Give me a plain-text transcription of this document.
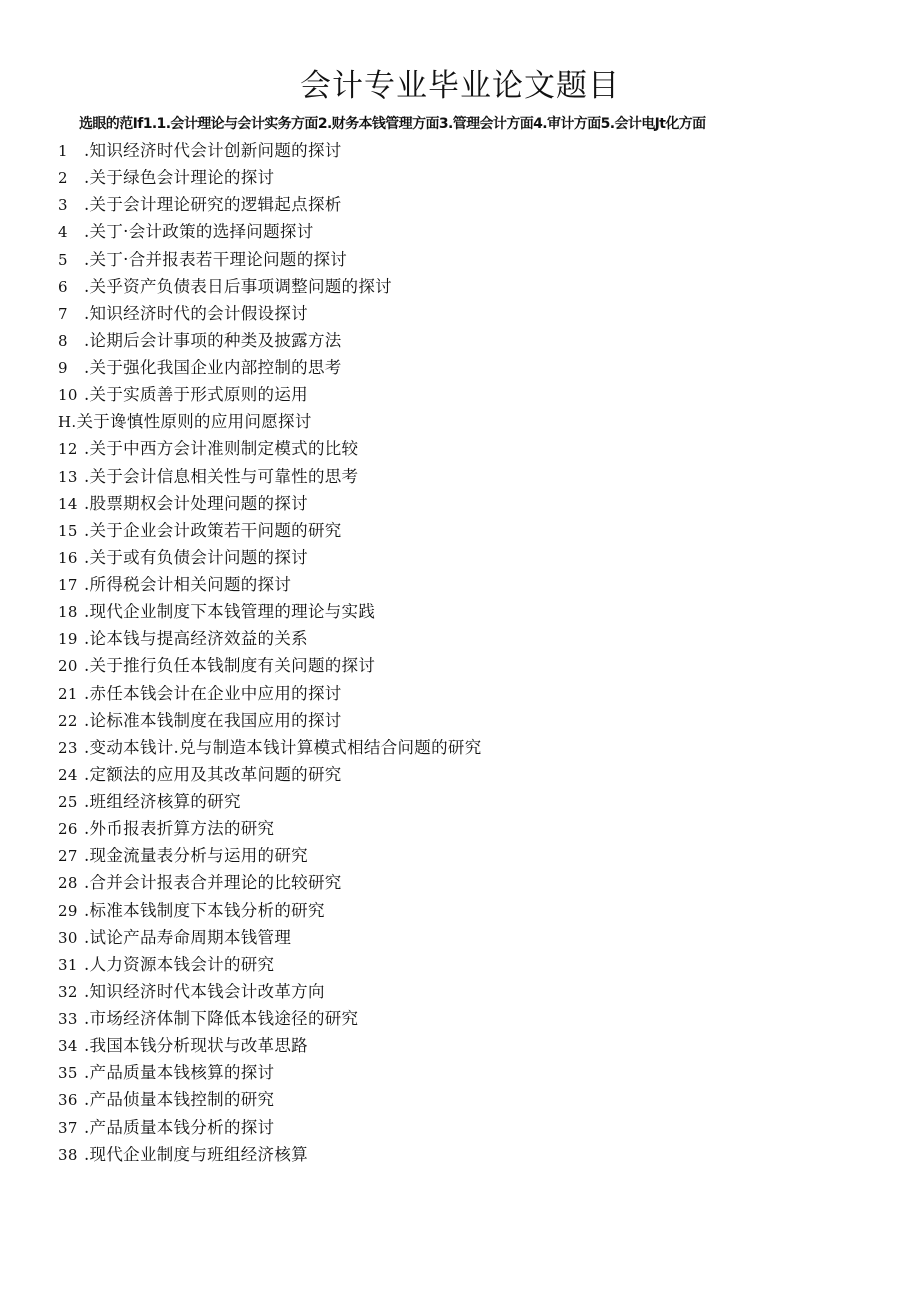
会计专业毕业论文题目
选眼的范If1.1.会计理论与会计实务方面2.财务本钱管理方面3.管理会计方面4.审计方面5.会计电Jt化方面
1 .知识经济时代会计创新问题的探讨
2 .关于绿色会计理论的探讨
3 .关于会计理论研究的逻辑起点探析
4 .关丁·会计政策的选择问题探讨
5 .关丁·合并报表若干理论问题的探讨
6 .关乎资产负债表日后事项调整问题的探讨
7 .知识经济时代的会计假设探讨
8 .论期后会计事项的种类及披露方法
9 .关于强化我国企业内部控制的思考
10 .关于实质善于形式原则的运用
H.关于谗慎性原则的应用问愿探讨
12 .关于中西方会计准则制定模式的比较
13 .关于会计信息相关性与可靠性的思考
14 .股票期权会计处理问题的探讨
15 .关于企业会计政策若干问题的研究
16 .关于或有负债会计问题的探讨
17 .所得税会计相关问题的探讨
18 .现代企业制度下本钱管理的理论与实践
19 .论本钱与提高经济效益的关系
20 .关于推行负任本钱制度有关问题的探讨
21 .赤任本钱会计在企业中应用的探讨
22 .论标准本钱制度在我国应用的探讨
23 .变动本钱计.兑与制造本钱计算模式相结合问题的研究
24 .定额法的应用及其改革问题的研究
25 .班组经济核算的研究
26 .外币报表折算方法的研究
27 .现金流量表分析与运用的研究
28 .合并会计报表合并理论的比较研究
29 .标准本钱制度下本钱分析的研究
30 .试论产品寿命周期本钱管理
31 .人力资源本钱会计的研究
32 .知识经济时代本钱会计改革方向
33 .市场经济体制下降低本钱途径的研究
34 .我国本钱分析现状与改革思路
35 .产品质量本钱核算的探讨
36 .产品侦量本钱控制的研究
37 .产品质量本钱分析的探讨
38 .现代企业制度与班组经济核算
